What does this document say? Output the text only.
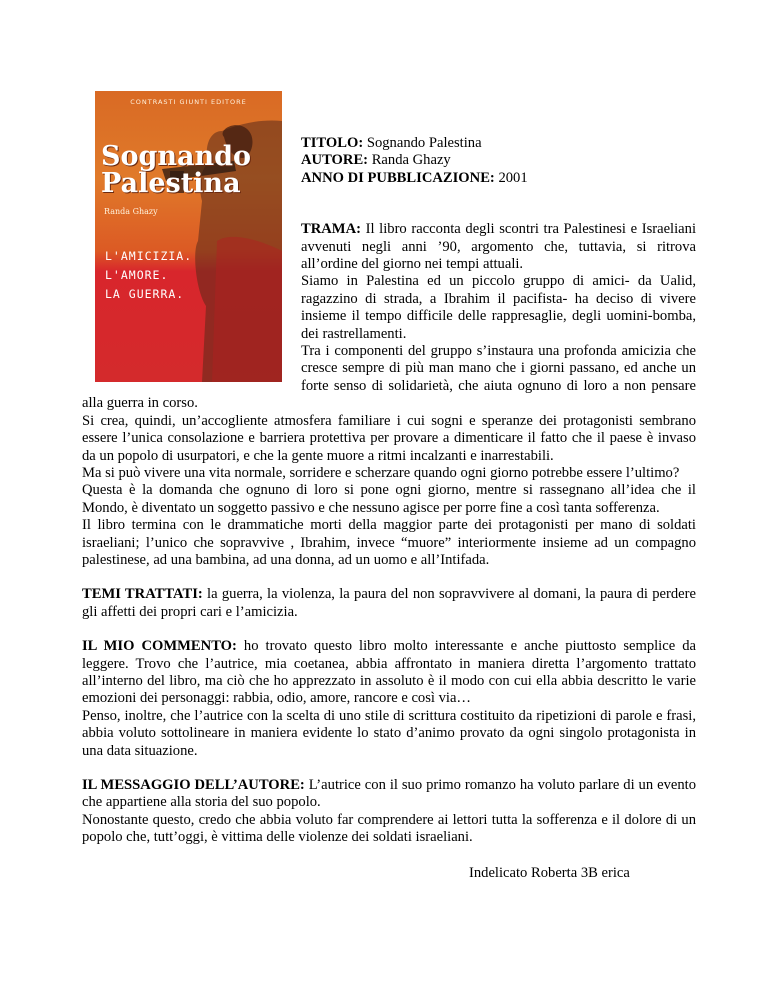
CONTRASTI GIUNTI EDITORE
Sognando
Palestina
Randa Ghazy
L'AMICIZIA.
L'AMORE.
LA GUERRA.

TITOLO: Sognando Palestina

AUTORE: Randa Ghazy

ANNO DI PUBBLICAZIONE: 2001

TRAMA: Il libro racconta degli scontri tra Palestinesi e Israeliani avvenuti negli anni ’90, argomento che, tuttavia, si ritrova all’ordine del giorno nei tempi attuali.

Siamo in Palestina ed un piccolo gruppo di amici- da Ualid, ragazzino di strada, a Ibrahim il pacifista- ha deciso di vivere insieme il tempo difficile delle rappresaglie, degli uomini-bomba, dei rastrellamenti.

Tra i componenti del gruppo s’instaura una profonda amicizia che cresce sempre di più man mano che i giorni passano, ed anche un forte senso di solidarietà, che aiuta ognuno di loro a non pensare alla guerra in corso.

Si crea, quindi, un’accogliente atmosfera familiare i cui sogni e speranze dei protagonisti sembrano essere l’unica consolazione e barriera protettiva per provare a dimenticare il fatto che il paese è invaso da un popolo di usurpatori, e che la gente muore a ritmi incalzanti e inarrestabili.

Ma si può vivere una vita normale, sorridere e scherzare quando ogni giorno potrebbe essere l’ultimo?

Questa è la domanda che ognuno di loro si pone ogni giorno, mentre si rassegnano all’idea che il Mondo, è diventato un soggetto passivo e che nessuno agisce per porre fine a così tanta sofferenza.

Il libro termina con le drammatiche morti della maggior parte dei protagonisti per mano di soldati israeliani; l’unico che sopravvive , Ibrahim, invece “muore” interiormente insieme ad un compagno palestinese, ad una bambina, ad una donna, ad un uomo e all’Intifada.

TEMI TRATTATI: la guerra, la violenza, la paura del non sopravvivere al domani, la paura di perdere gli affetti dei propri cari e l’amicizia.

IL MIO COMMENTO: ho trovato questo libro molto interessante e anche piuttosto semplice da leggere. Trovo che l’autrice, mia coetanea, abbia affrontato in maniera diretta l’argomento trattato all’interno del libro, ma ciò che ho apprezzato in assoluto è il modo con cui ella abbia descritto le varie emozioni dei personaggi: rabbia, odio, amore, rancore e così via…

Penso, inoltre, che l’autrice con la scelta di uno stile di scrittura costituito da ripetizioni di parole e frasi, abbia voluto sottolineare in maniera evidente lo stato d’animo provato da ogni singolo protagonista in una data situazione.

IL MESSAGGIO DELL’AUTORE: L’autrice con il suo primo romanzo ha voluto parlare di un evento che appartiene alla storia del suo popolo.

Nonostante questo, credo che abbia voluto far comprendere ai lettori tutta la sofferenza e il dolore di un popolo che, tutt’oggi, è vittima delle violenze dei soldati israeliani.

Indelicato Roberta 3B erica
